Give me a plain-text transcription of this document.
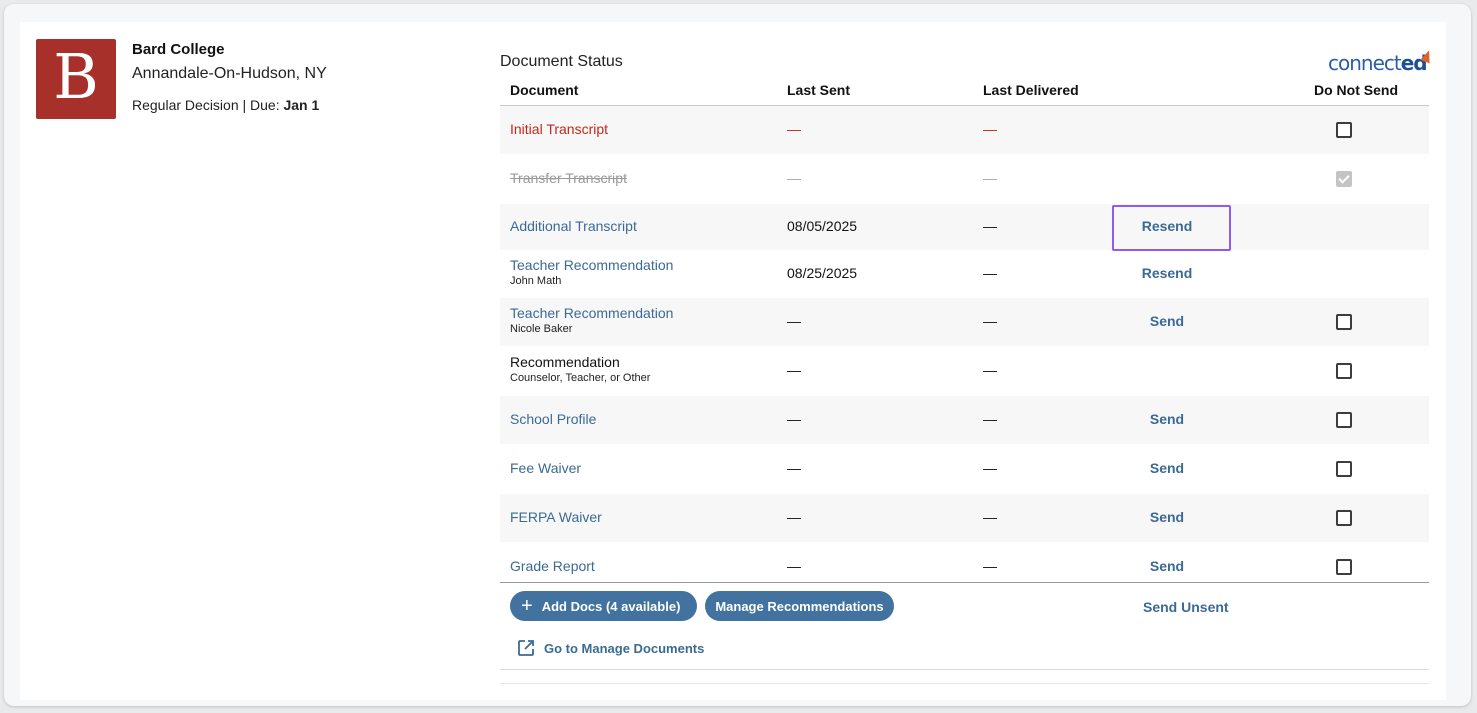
B Bard College
Annandale-On-Hudson, NY
Regular Decision | Due: Jan 1
Document Status	connected
Document	Last Sent	Last Delivered	Do Not Send
Initial Transcript	—	—
Transfer Transcript	—	—
Additional Transcript	08/05/2025	—	Resend
Teacher Recommendation
John Math	08/25/2025	—	Resend
Teacher Recommendation
Nicole Baker	—	—	Send
Recommendation
Counselor, Teacher, or Other	—	—
School Profile	—	—	Send
Fee Waiver	—	—	Send
FERPA Waiver	—	—	Send
Grade Report	—	—	Send
+ Add Docs (4 available)	Manage Recommendations	Send Unsent
Go to Manage Documents
